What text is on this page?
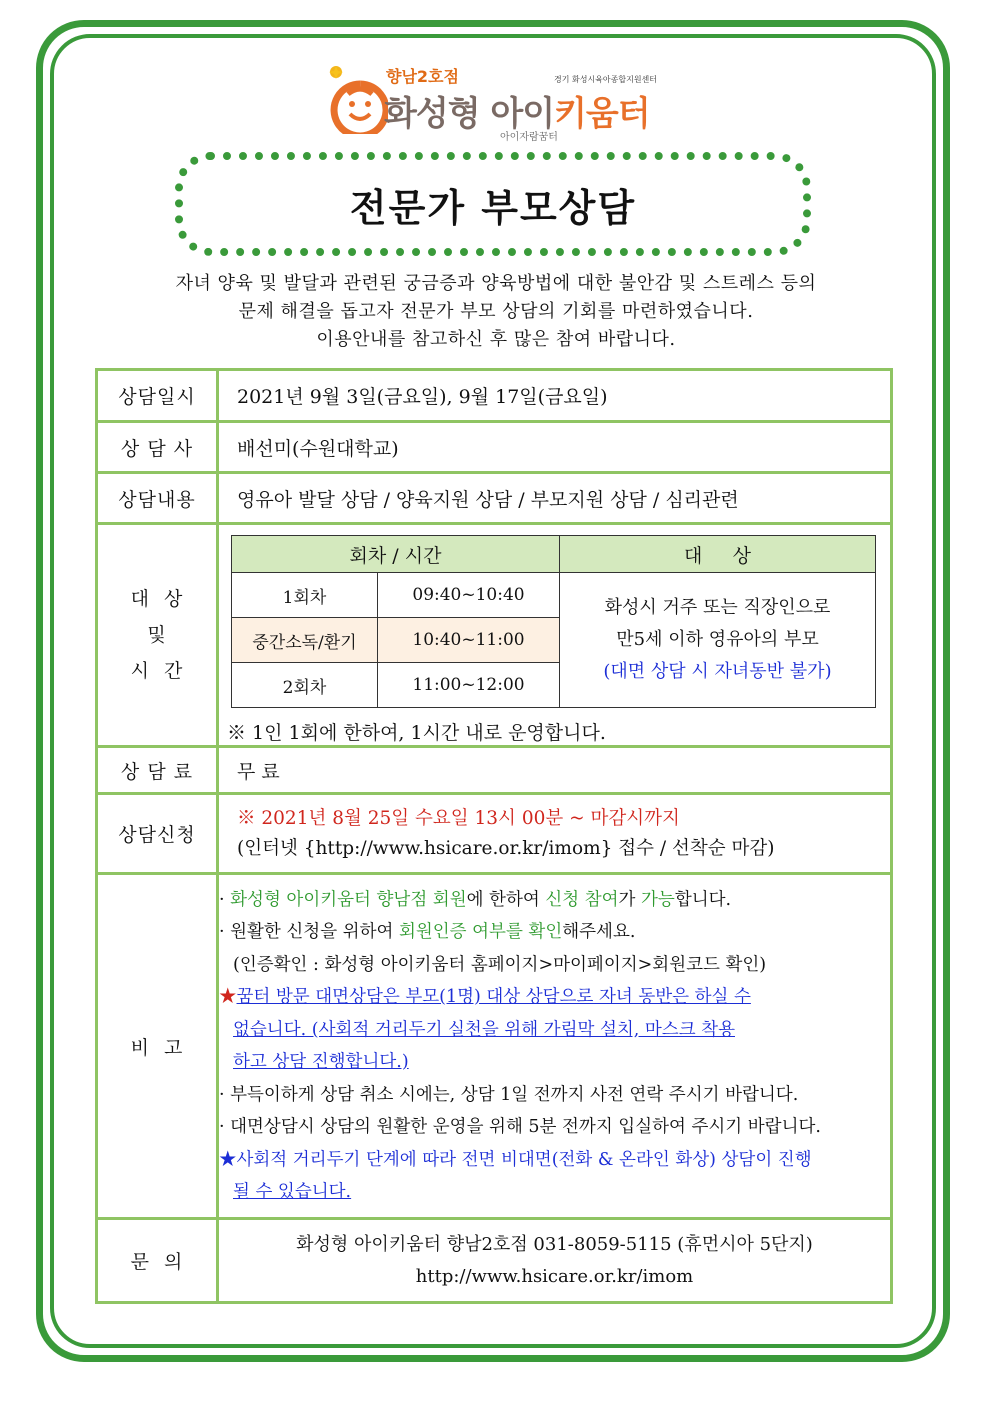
향남2호점	경기 화성시육아종합지원센터
화성형 아이키움터
아이자람꿈터
전문가 부모상담
자녀 양육 및 발달과 관련된 궁금증과 양육방법에 대한 불안감 및 스트레스 등의
문제 해결을 돕고자 전문가 부모 상담의 기회를 마련하였습니다.
이용안내를 참고하신 후 많은 참여 바랍니다.
상담일시	2021년 9월 3일(금요일), 9월 17일(금요일)
상 담 사	배선미(수원대학교)
상담내용	영유아 발달 상담 / 양육지원 상담 / 부모지원 상담 / 심리관련

대  상
및
시  간

회차 / 시간	대     상
1회차	09:40~10:40	
화성시 거주 또는 직장인으로
만5세 이하 영유아의 부모
(대면 상담 시 자녀동반 불가)

중간소독/환기	10:40~11:00
2회차	11:00~12:00
※ 1인 1회에 한하여, 1시간 내로 운영합니다.

상 담 료	무 료
상담신청	
※ 2021년 8월 25일 수요일 13시 00분 ~ 마감시까지
(인터넷 {http://www.hsicare.or.kr/imom} 접수 / 선착순 마감)

비  고	
· 화성형 아이키움터 향남점 회원에 한하여 신청 참여가 가능합니다.
· 원활한 신청을 위하여 회원인증 여부를 확인해주세요.
(인증확인 : 화성형 아이키움터 홈페이지>마이페이지>회원코드 확인)
★꿈터 방문 대면상담은 부모(1명) 대상 상담으로 자녀 동반은 하실 수
없습니다. (사회적 거리두기 실천을 위해 가림막 설치, 마스크 착용
하고 상담 진행합니다.)
· 부득이하게 상담 취소 시에는, 상담 1일 전까지 사전 연락 주시기 바랍니다.
· 대면상담시 상담의 원활한 운영을 위해 5분 전까지 입실하여 주시기 바랍니다.
★사회적 거리두기 단계에 따라 전면 비대면(전화 & 온라인 화상) 상담이 진행
될 수 있습니다.

문  의	
화성형 아이키움터 향남2호점 031-8059-5115 (휴먼시아 5단지)
http://www.hsicare.or.kr/imom
